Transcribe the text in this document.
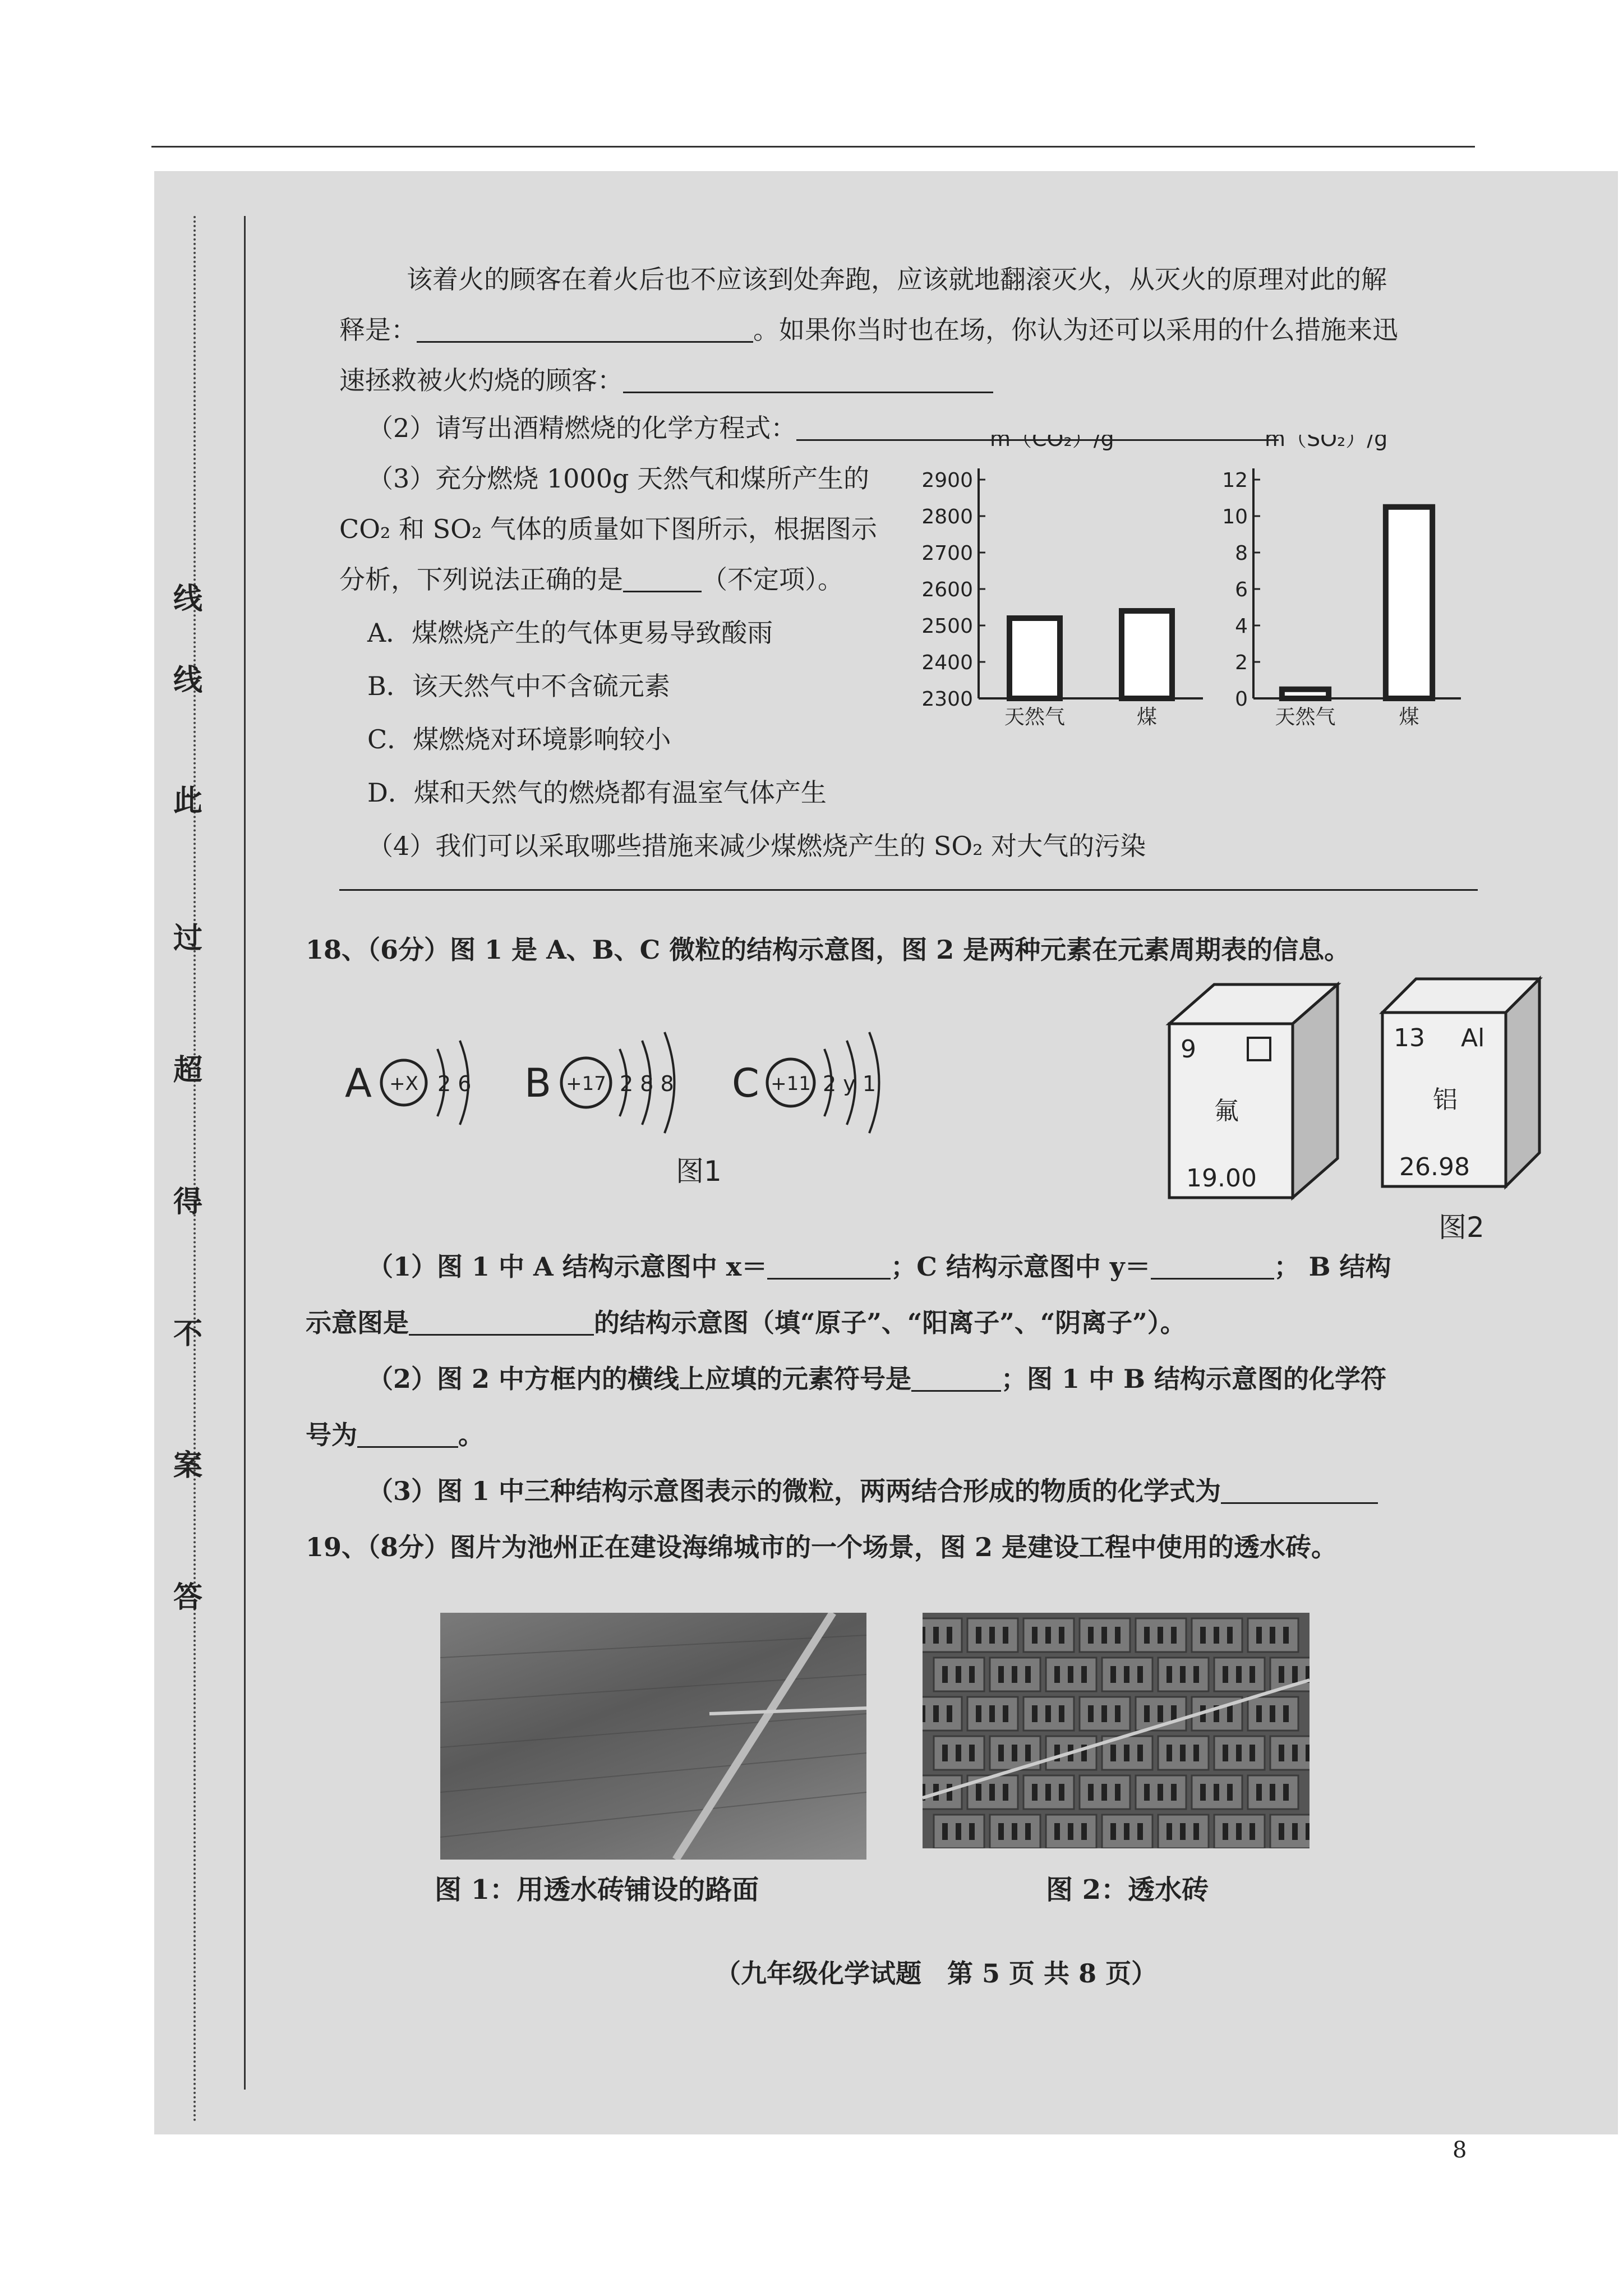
线
线
此
过
超
得
不
案
答
该着火的顾客在着火后也不应该到处奔跑，应该就地翻滚灭火，从灭火的原理对此的解
释是：	。如果你当时也在场，你认为还可以采用的什么措施来迅
速拯救被火灼烧的顾客：
（2）请写出酒精燃烧的化学方程式：
（3）充分燃烧 1000g 天然气和煤所产生的
CO₂ 和 SO₂ 气体的质量如下图所示，根据图示
分析，下列说法正确的是	（不定项）。
A．煤燃烧产生的气体更易导致酸雨
B．该天然气中不含硫元素
C．煤燃烧对环境影响较小
D．煤和天然气的燃烧都有温室气体产生
（4）我们可以采取哪些措施来减少煤燃烧产生的 SO₂ 对大气的污染
m（CO₂）/g
2900
2800
2700
2600
2500
2400
2300
天然气	煤
m（SO₂）/g
12
10
8
6
4
2
0
天然气	煤
18、（6分）图 1 是 A、B、C 微粒的结构示意图，图 2 是两种元素在元素周期表的信息。
A +X 2 6 B +17 2 8 8 C +11 2 y 1
图1
9
氟
19.00
13 Al
铝
26.98
图2
（1）图 1 中 A 结构示意图中 x＝	；C 结构示意图中 y＝	； B 结构
示意图是	的结构示意图（填“原子”、“阳离子”、“阴离子”）。
（2）图 2 中方框内的横线上应填的元素符号是	；图 1 中 B 结构示意图的化学符
号为	。
（3）图 1 中三种结构示意图表示的微粒，两两结合形成的物质的化学式为
19、（8分）图片为池州正在建设海绵城市的一个场景，图 2 是建设工程中使用的透水砖。
图 1：用透水砖铺设的路面	图 2：透水砖
（九年级化学试题　第 5 页 共 8 页）
8
